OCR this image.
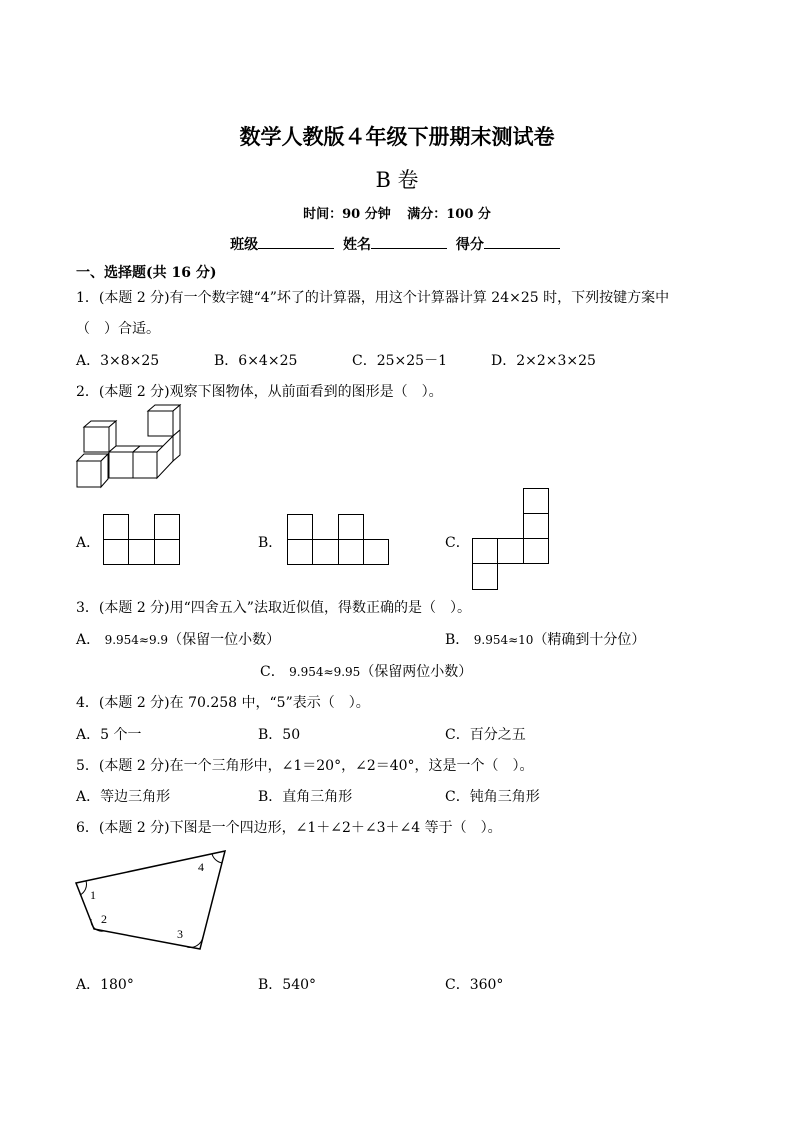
数学人教版４年级下册期末测试卷
B 卷
时间：90 分钟 满分：100 分
班级	姓名	得分
一、选择题(共 16 分)
1．(本题 2 分)有一个数字键“4”坏了的计算器，用这个计算器计算 24×25 时，下列按键方案中
（　）合适。
A．3×8×25	B．6×4×25	C．25×25－1	D．2×2×3×25
2．(本题 2 分)观察下图物体，从前面看到的图形是（　）。
A．	B．	C．
3．(本题 2 分)用“四舍五入”法取近似值，得数正确的是（　）。
A． 9.954≈9.9（保留一位小数）	B． 9.954≈10（精确到十分位）
C． 9.954≈9.95（保留两位小数）
4．(本题 2 分)在 70.258 中，“5”表示（　）。
A．5 个一	B．50	C．百分之五
5．(本题 2 分)在一个三角形中，∠1＝20°，∠2＝40°，这是一个（　）。
A．等边三角形	B．直角三角形	C．钝角三角形
6．(本题 2 分)下图是一个四边形，∠1＋∠2＋∠3＋∠4 等于（　）。
1
2
3
4
A．180°	B．540°	C．360°
